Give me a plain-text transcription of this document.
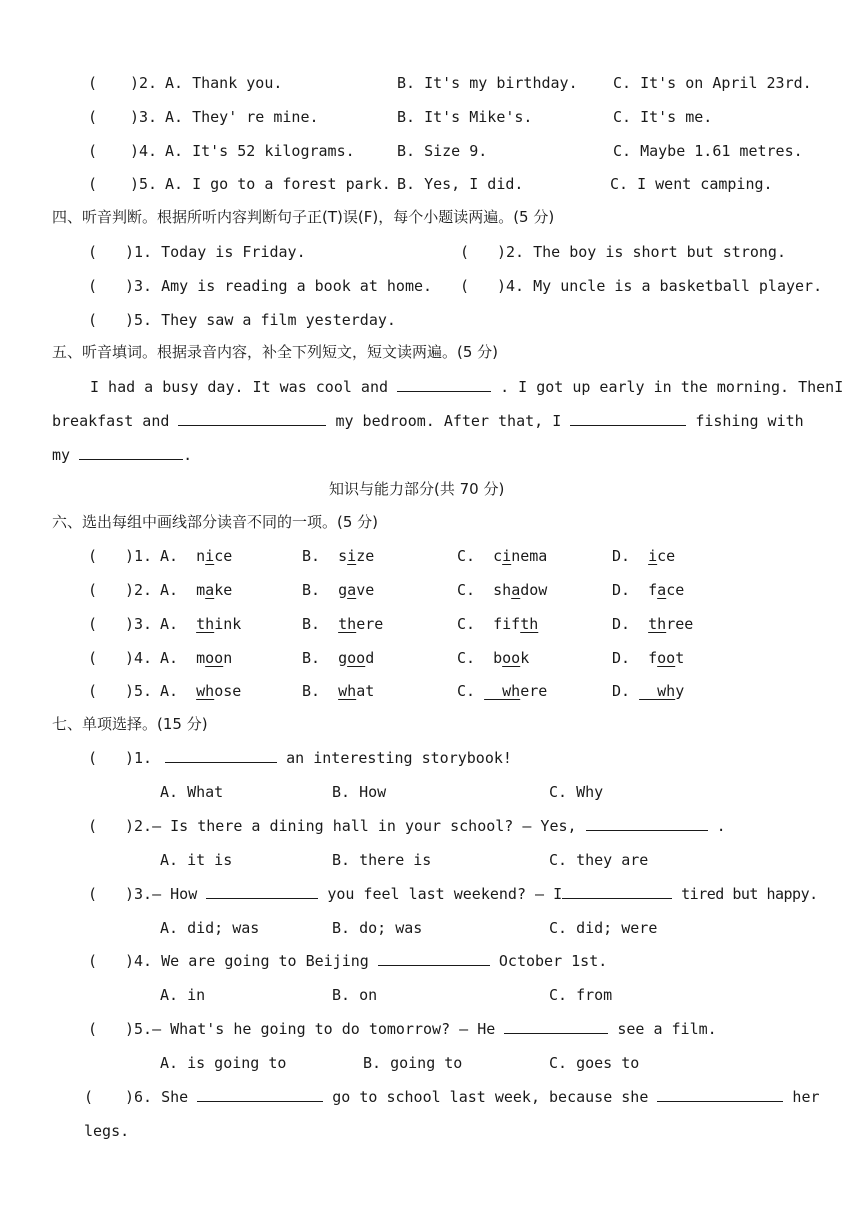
( )2. A. Thank you.	B. It's my birthday. C. It's on April 23rd.
( )3. A. They' re mine.	B. It's Mike's.	C. It's me.
( )4. A. It's 52 kilograms.	B. Size 9.	C. Maybe 1.61 metres.
( )5. A. I go to a forest park. B. Yes, I did.	C. I went camping.
四、听音判断。根据所听内容判断句子正(T)误(F)，每个小题读两遍。(5 分)
( )1. Today is Friday.	( )2. The boy is short but strong.
( )3. Amy is reading a book at home. ( )4. My uncle is a basketball player.
( )5. They saw a film yesterday.
五、听音填词。根据录音内容，补全下列短文，短文读两遍。(5 分)
I had a busy day. It was cool and	. I got up early in the morning. ThenI
breakfast and	my bedroom. After that, I	fishing with
my	.
知识与能力部分(共 70 分)
六、选出每组中画线部分读音不同的一项。(5 分)
( )1. A.  nice	B.  size	C.  cinema	D.  ice
( )2. A.  make	B.  gave	C.  shadow	D.  face
( )3. A.  think	B.  there	C.  fifth	D.  three
( )4. A.  moon	B.  good	C.  book	D.  foot
( )5. A.  whose	B.  what	C.   where	D.   why
七、单项选择。(15 分)
( )1.	an interesting storybook!
A. What	B. How	C. Why
( )2.— Is there a dining hall in your school? — Yes,	.
A. it is	B. there is	C. they are
( )3.— How	you feel last weekend? — I	tired but happy.
A. did; was	B. do; was	C. did; were
( )4. We are going to Beijing	October 1st.
A. in	B. on	C. from
( )5.— What's he going to do tomorrow? — He	see a film.
A. is going to	B. going to	C. goes to
( )6. She	go to school last week, because she	her
legs.
